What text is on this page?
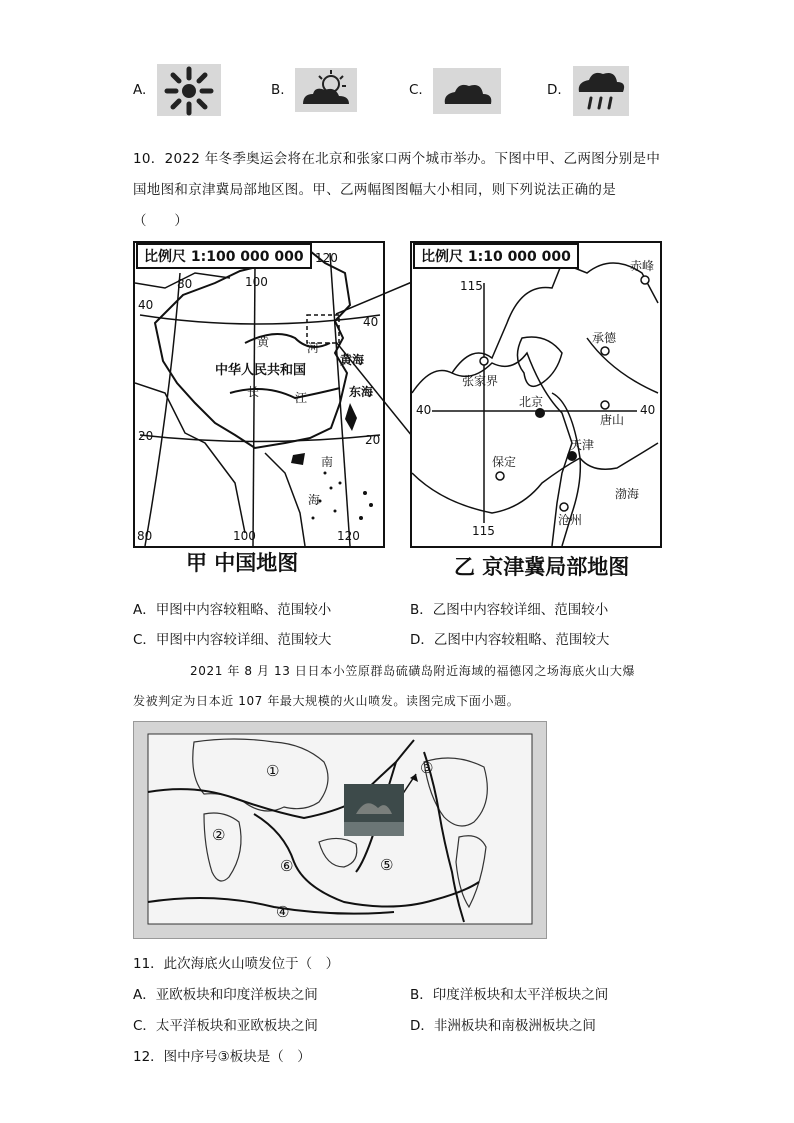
A.	B.	C.	D.
10．2022 年冬季奥运会将在北京和张家口两个城市举办。下图中甲、乙两图分别是中
国地图和京津冀局部地区图。甲、乙两幅图图幅大小相同，则下列说法正确的是
（　　）
80	100
120
40
40
20	20
80	100	120
中华人民共和国
黄	河
长	江
黄海
东海
南
海
比例尺 1:100 000 000
甲 中国地图
115
115
40	40
赤峰
承德
张家界
北京
唐山
天津
保定
渤海
沧州
比例尺 1:10 000 000
乙 京津冀局部地图
A．甲图中内容较粗略、范围较小	B．乙图中内容较详细、范围较小
C．甲图中内容较详细、范围较大	D．乙图中内容较粗略、范围较大
2021 年 8 月 13 日日本小笠原群岛硫磺岛附近海域的福德冈之场海底火山大爆
发被判定为日本近 107 年最大规模的火山喷发。读图完成下面小题。
①
②
③
④
⑤
⑥
11．此次海底火山喷发位于（　）
A．亚欧板块和印度洋板块之间	B．印度洋板块和太平洋板块之间
C．太平洋板块和亚欧板块之间	D．非洲板块和南极洲板块之间
12．图中序号③板块是（　）
